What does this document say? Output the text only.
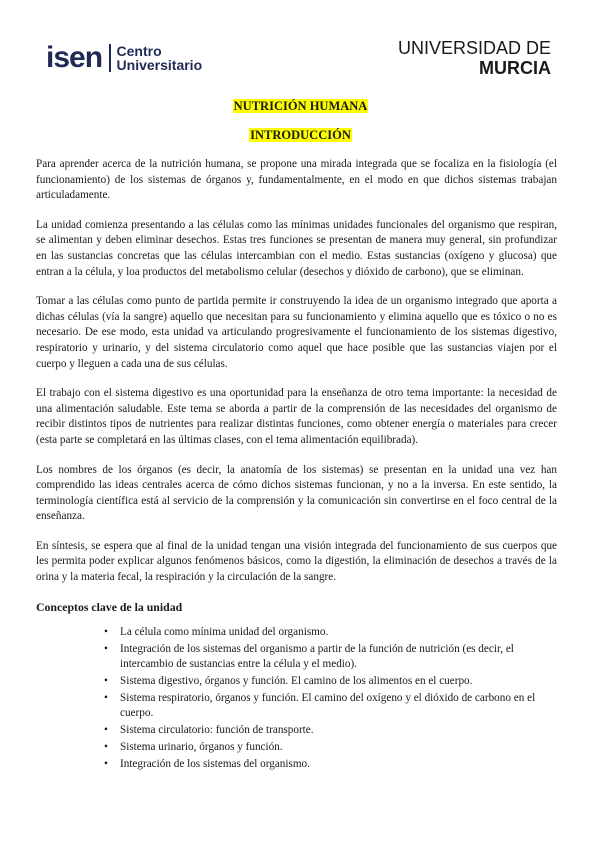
isen Centro
Universitario
UNIVERSIDAD DE
MURCIA
NUTRICIÓN HUMANA
INTRODUCCIÓN

Para aprender acerca de la nutrición humana, se propone una mirada integrada que se focaliza en la fisiología (el funcionamiento) de los sistemas de órganos y, fundamentalmente, en el modo en que dichos sistemas trabajan articuladamente.

La unidad comienza presentando a las células como las mínimas unidades funcionales del organismo que respiran, se alimentan y deben eliminar desechos. Estas tres funciones se presentan de manera muy general, sin profundizar en las sustancias concretas que las células intercambian con el medio. Estas sustancias (oxígeno y glucosa) que entran a la célula, y loa productos del metabolismo celular (desechos y dióxido de carbono), que se eliminan.

Tomar a las células como punto de partida permite ir construyendo la idea de un organismo integrado que aporta a dichas células (vía la sangre) aquello que necesitan para su funcionamiento y elimina aquello que es tóxico o no es necesario. De ese modo, esta unidad va articulando progresivamente el funcionamiento de los sistemas digestivo, respiratorio y urinario, y del sistema circulatorio como aquel que hace posible que las sustancias viajen por el cuerpo y lleguen a cada una de sus células.

El trabajo con el sistema digestivo es una oportunidad para la enseñanza de otro tema importante: la necesidad de una alimentación saludable. Este tema se aborda a partir de la comprensión de las necesidades del organismo de recibir distintos tipos de nutrientes para realizar distintas funciones, como obtener energía o materiales para crecer (esta parte se completará en las últimas clases, con el tema alimentación equilibrada).

Los nombres de los órganos (es decir, la anatomía de los sistemas) se presentan en la unidad una vez han comprendido las ideas centrales acerca de cómo dichos sistemas funcionan, y no a la inversa. En este sentido, la terminología científica está al servicio de la comprensión y la comunicación sin convertirse en el foco central de la enseñanza.

En síntesis, se espera que al final de la unidad tengan una visión integrada del funcionamiento de sus cuerpos que les permita poder explicar algunos fenómenos básicos, como la digestión, la eliminación de desechos a través de la orina y la materia fecal, la respiración y la circulación de la sangre.

Conceptos clave de la unidad
• La célula como mínima unidad del organismo.
• Integración de los sistemas del organismo a partir de la función de nutrición (es decir, el intercambio de sustancias entre la célula y el medio).
• Sistema digestivo, órganos y función. El camino de los alimentos en el cuerpo.
• Sistema respiratorio, órganos y función. El camino del oxígeno y el dióxido de carbono en el cuerpo.
• Sistema circulatorio: función de transporte.
• Sistema urinario, órganos y función.
• Integración de los sistemas del organismo.
